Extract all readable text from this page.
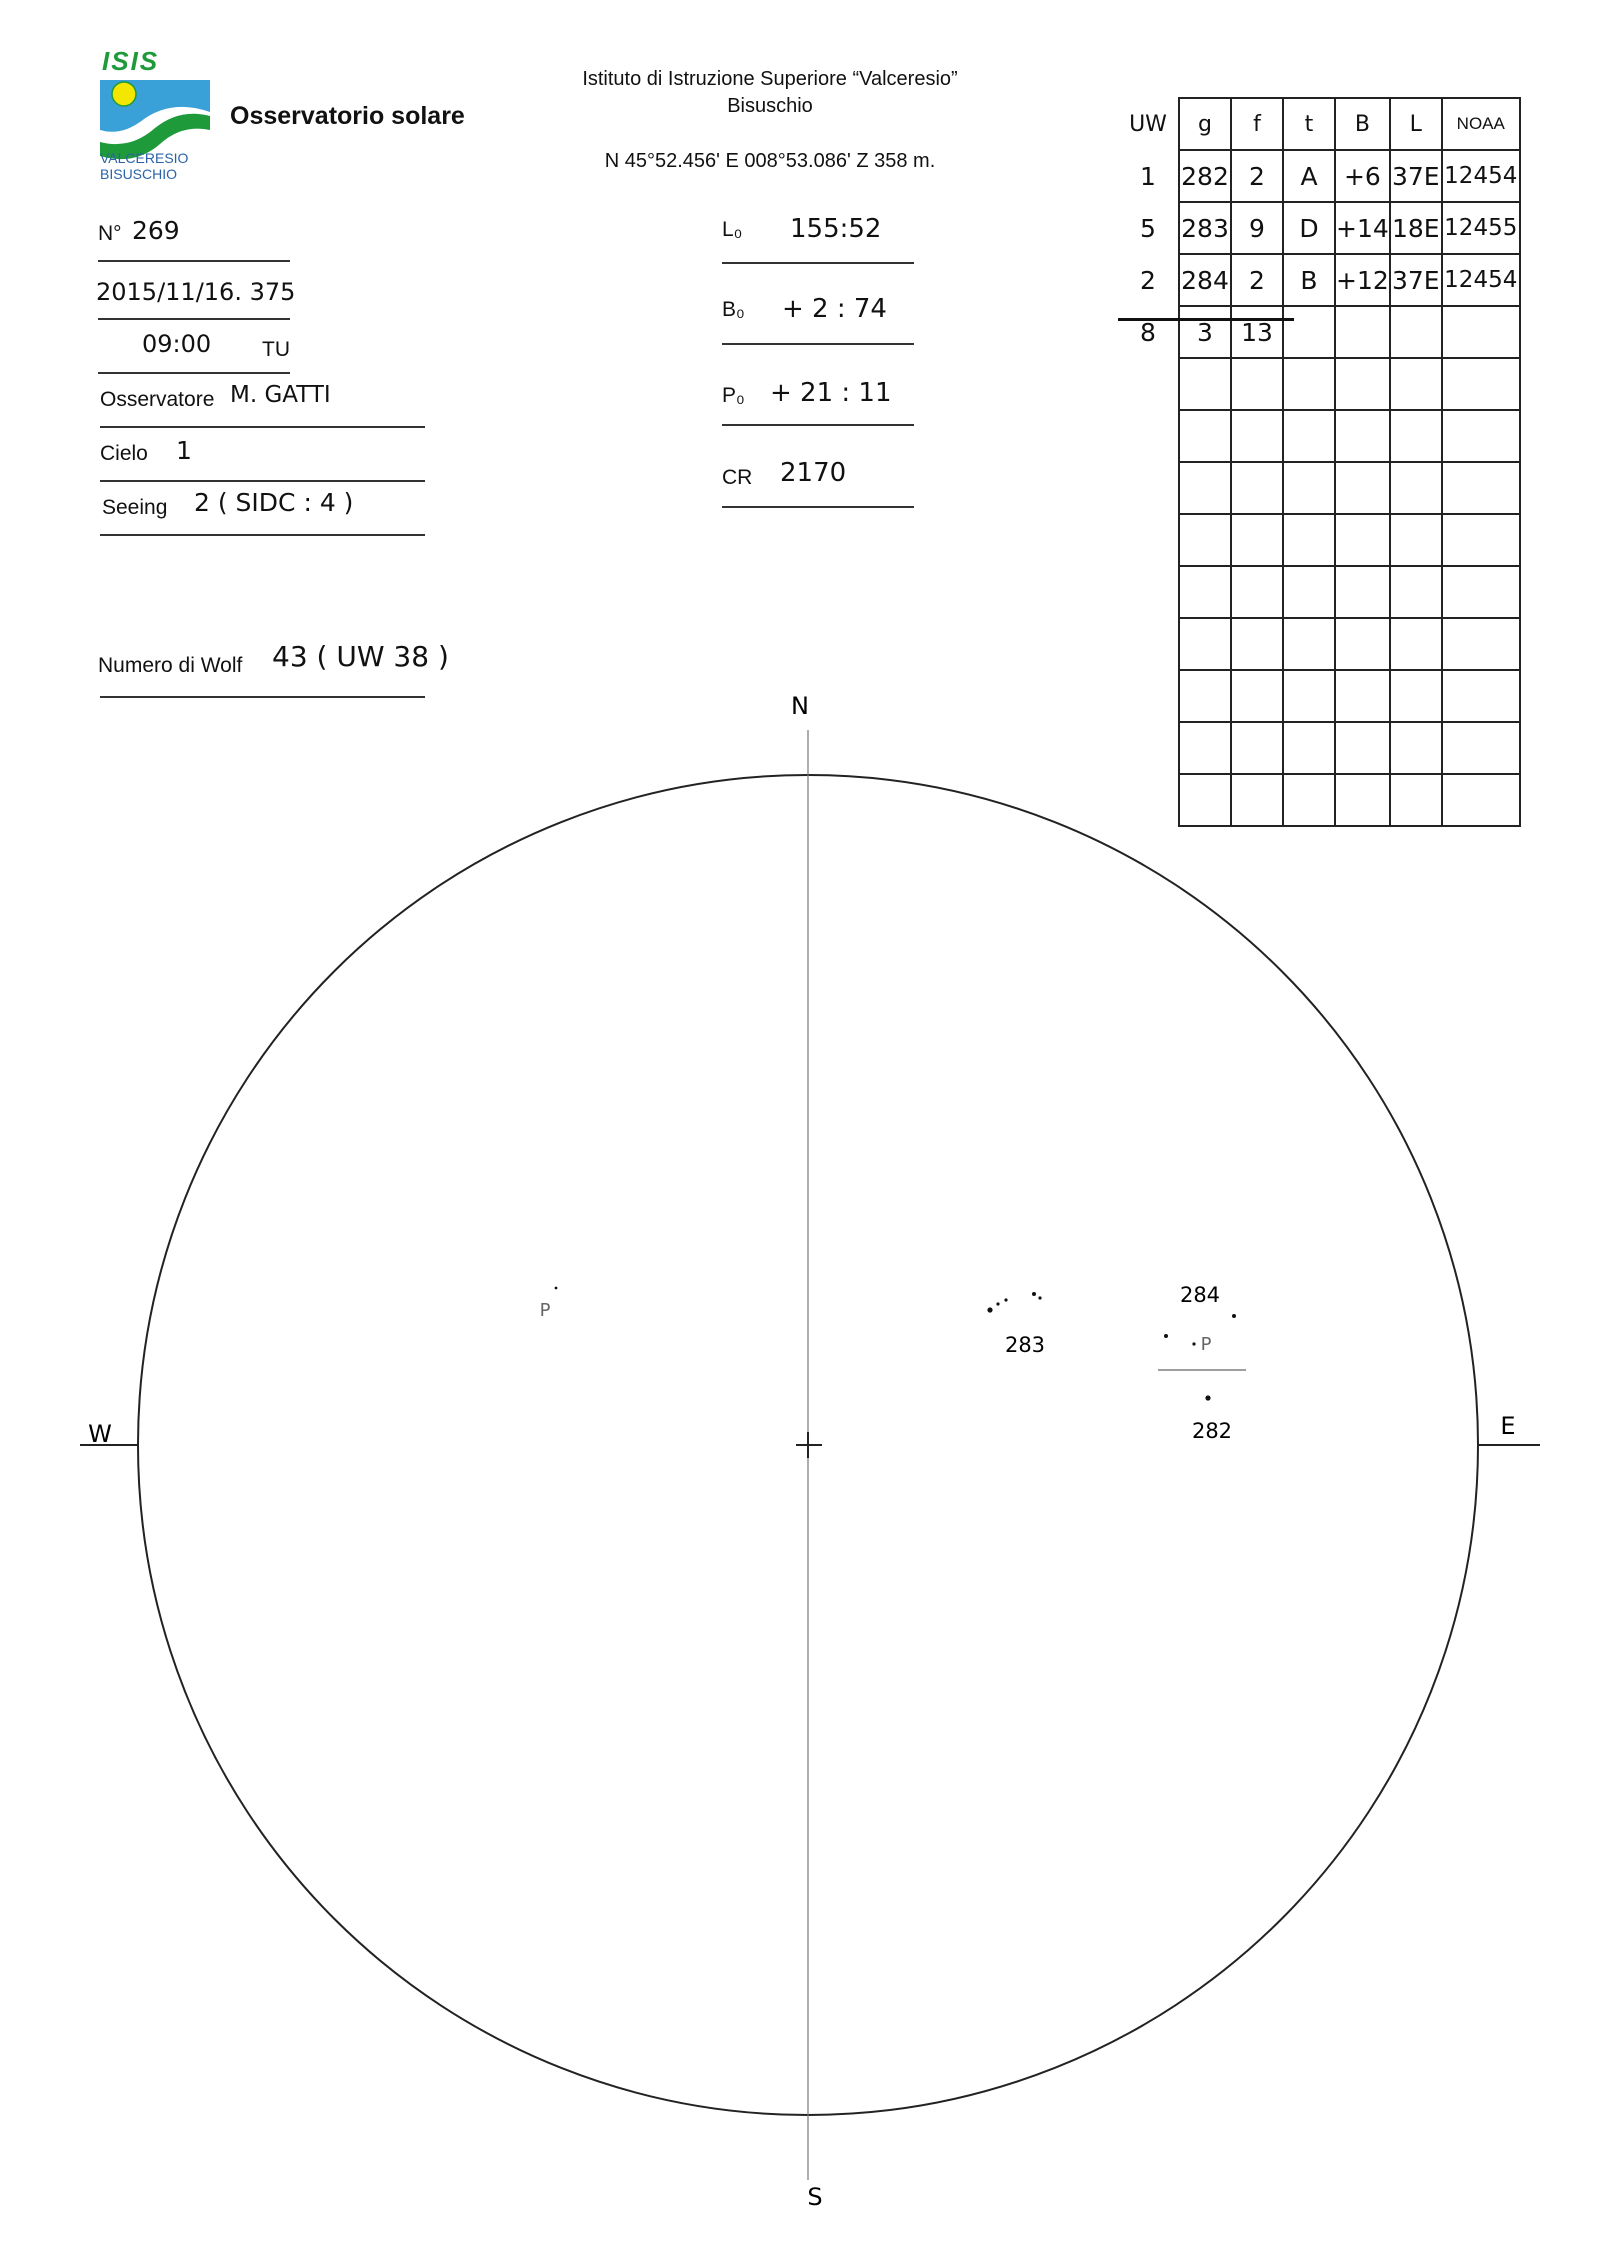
ISIS
VALCERESIO
BISUSCHIO
Osservatorio solare
Istituto di Istruzione Superiore “Valceresio”
Bisuschio
N 45°52.456' E 008°53.086' Z 358 m.
N° 269
2015/11/16. 375
09:00 TU
Osservatore M. GATTI
Cielo 1
Seeing 2 ( SIDC : 4 )
Numero di Wolf 43 ( UW 38 )
L₀ 155:52
B₀ + 2 : 74
P₀ + 21 : 11
CR 2170
UW	g	f	t	B	L	NOAA
1	282	2	A	+6	37E	12454
5	283	9	D	+14	18E	12455
2	284	2	B	+12	37E	12454
8	3	13				

N
S
W	E
283
284
282
P
P
